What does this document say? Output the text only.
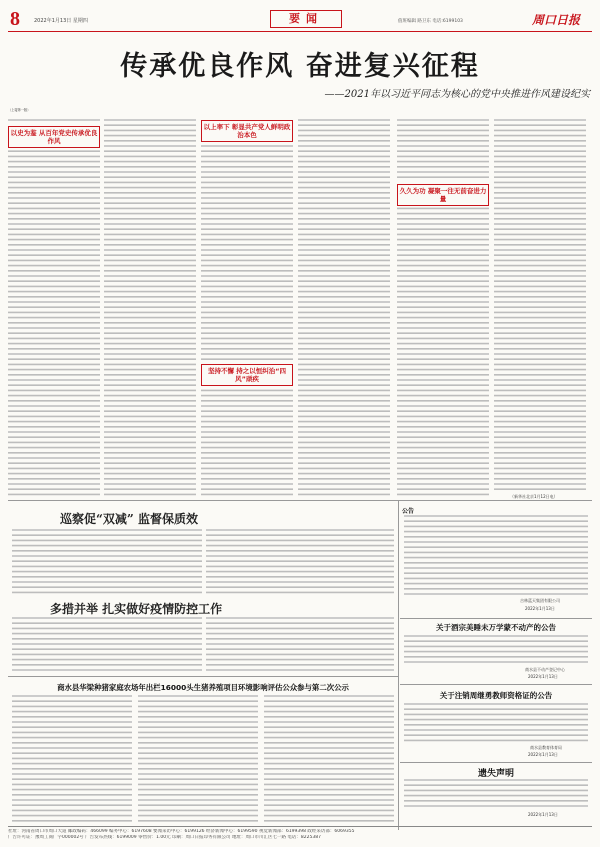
8	2022年1月13日 星期四	要闻	值班编辑 路卫东 电话:6199103	周口日报
传承优良作风 奋进复兴征程
——2021年以习近平同志为核心的党中央推进作风建设纪实

（上接第一版）

以史为鉴 从百年党史传承优良作风
以上率下 彰显共产党人鲜明政治本色
坚持不懈 持之以恒纠治“四风”顽疾
久久为功 凝聚一往无前奋进力量
（新华社北京1月12日电）
巡察促“双减” 监督保质效
多措并举 扎实做好疫情防控工作
商水县华梁种猪家庭农场年出栏16000头生猪养殖项目环境影响评估公众参与第二次公示
公告
吉林蓝天集团有限公司
2022年1月13日
关于酒宗美睡未万学蒙不动产的公告
商水县不动产登记中心
2022年1月13日
关于注销周继勇教师资格证的公告
商水县教育体育局
2022年1月13日
遗失声明
2022年1月13日
社址：河南省周口市周口大道 邮政编码：466099 编务中心：6197608 要闻采访中心：6199126 经济新闻中心：6199590 视觉新闻部：6199398 政经采访部：6069355
广告许可证：豫周工商广字000002号 广告发布热线：6199009 零售价：1.00元 印刷：周口日报印务有限公司 地址：周口市川汇区七一路 电话：8225387
